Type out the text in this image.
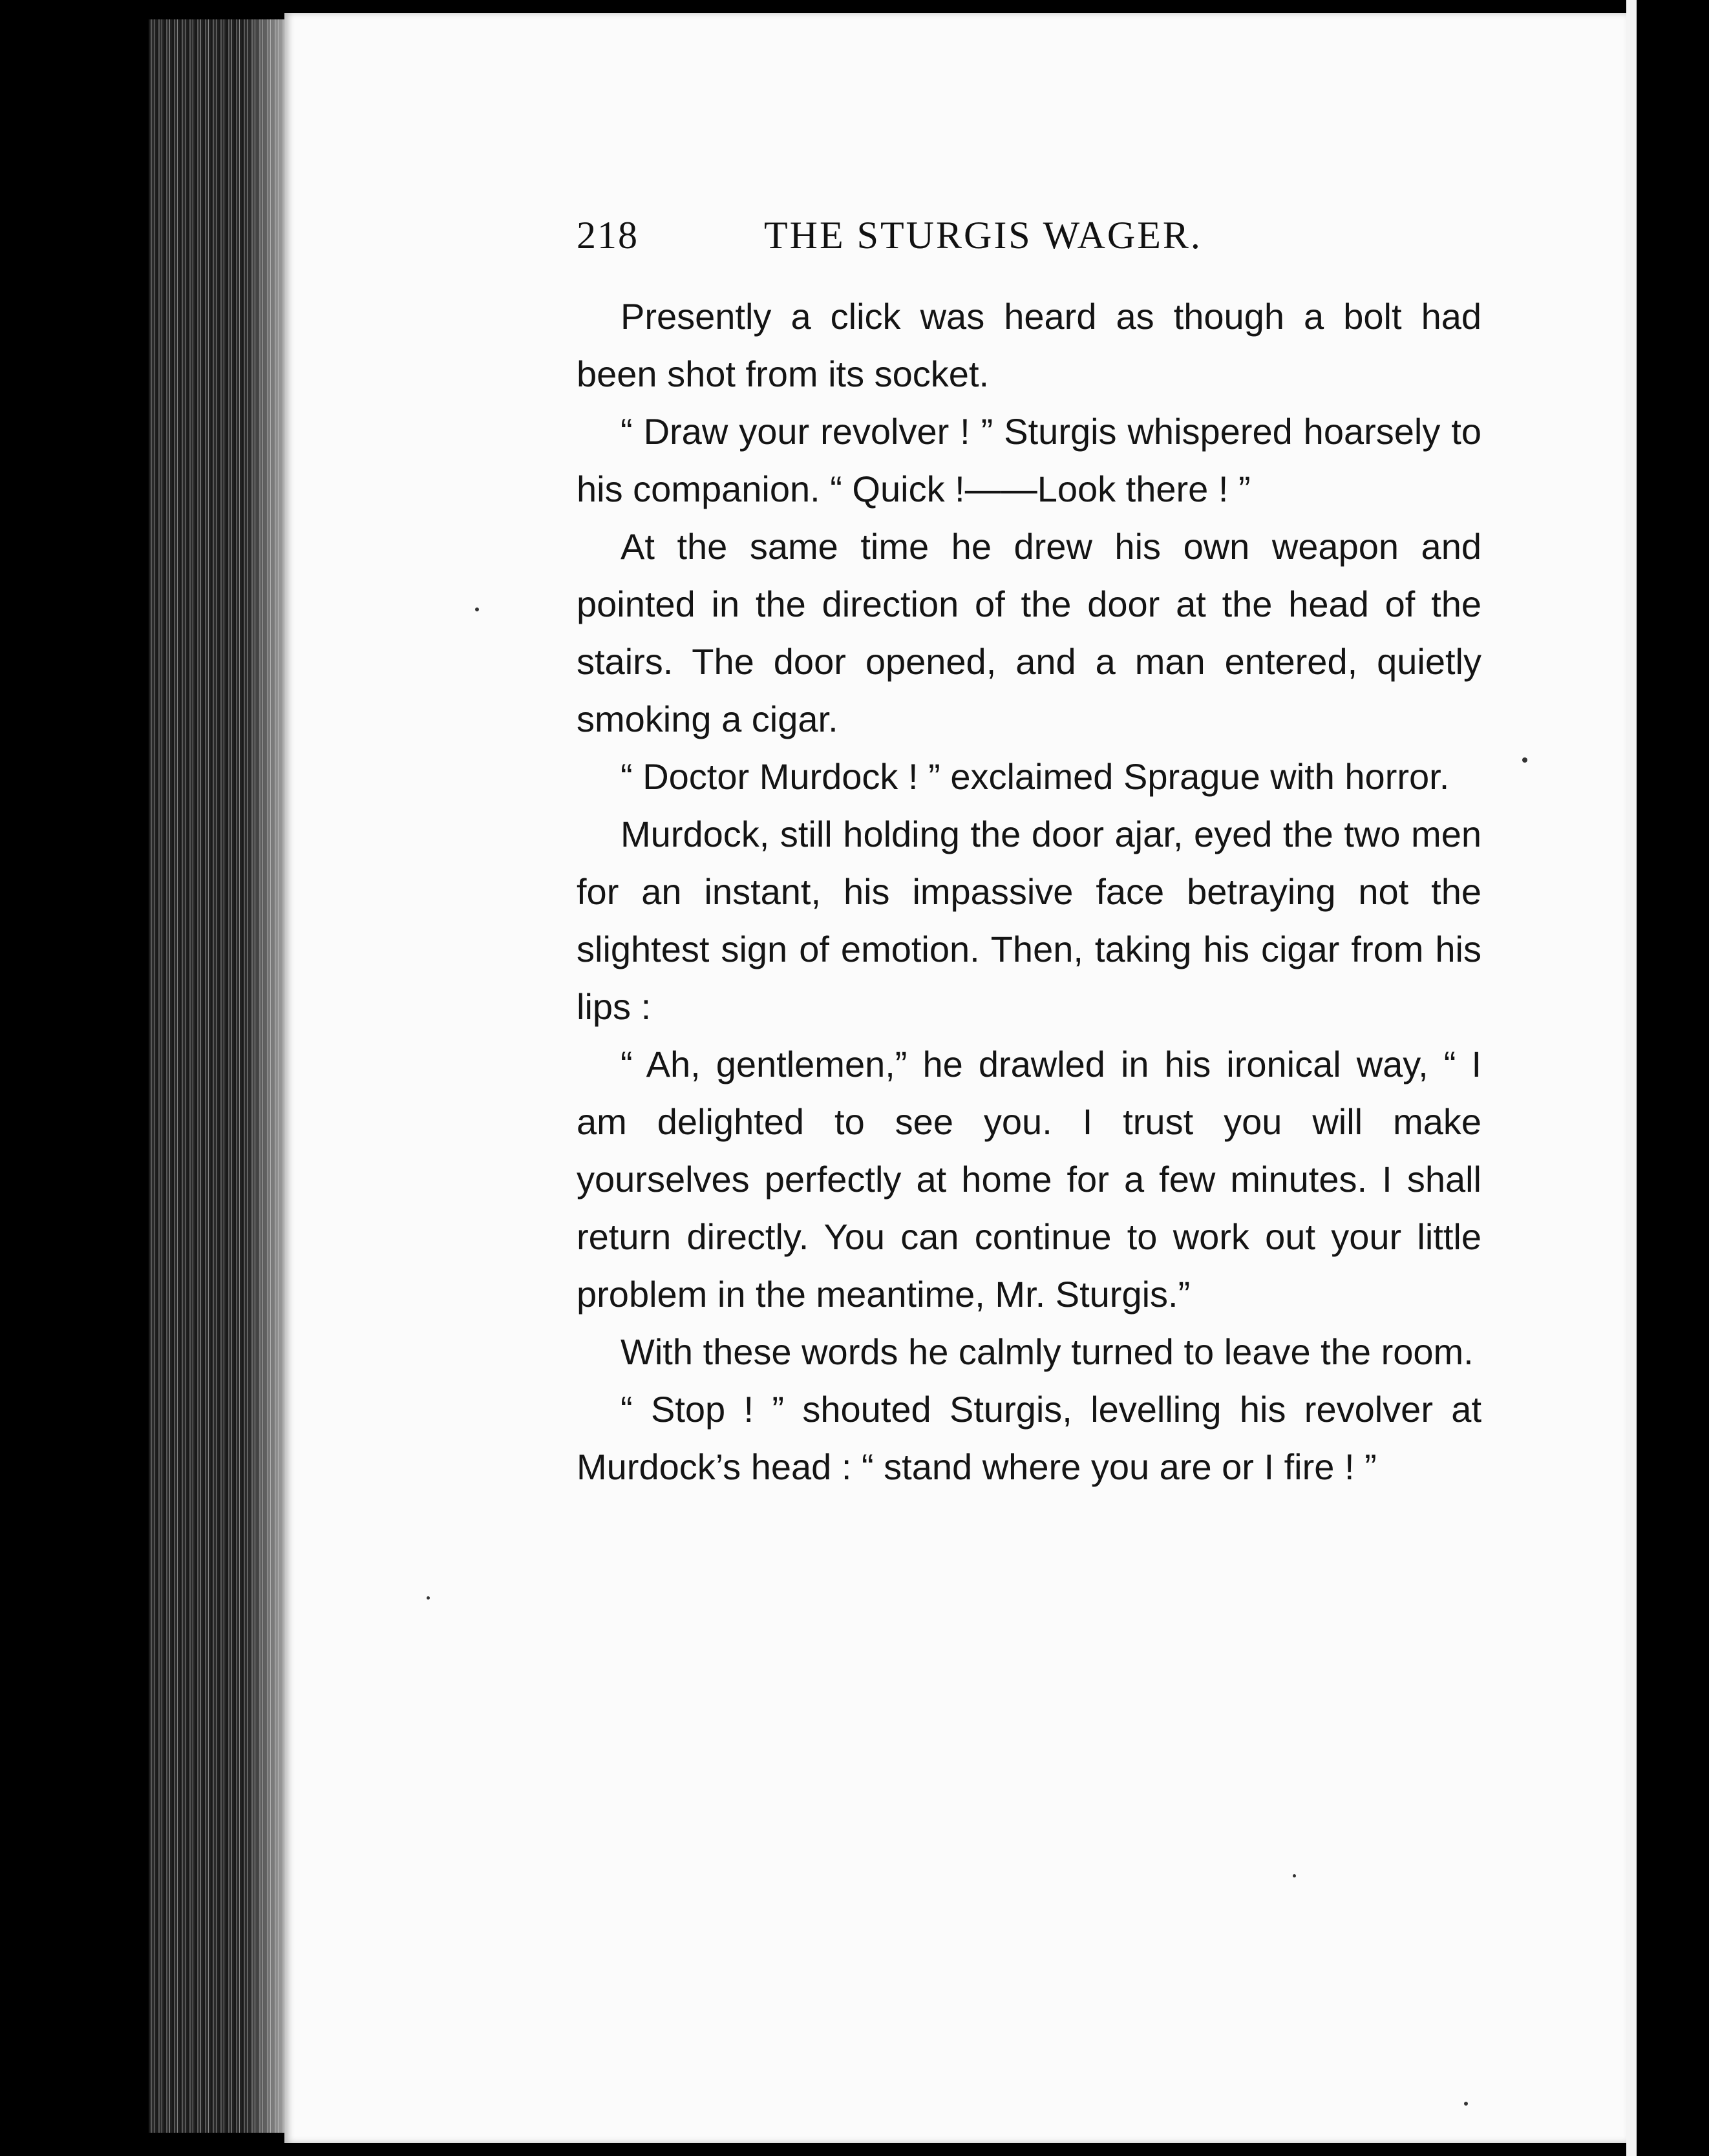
218	THE STURGIS WAGER.

Presently a click was heard as though a bolt had been shot from its socket.

“ Draw your revolver ! ” Sturgis whispered hoarsely to his companion. “ Quick !——Look there ! ”

At the same time he drew his own weapon and pointed in the direction of the door at the head of the stairs. The door opened, and a man entered, quietly smoking a cigar.

“ Doctor Murdock ! ” exclaimed Sprague with horror.

Murdock, still holding the door ajar, eyed the two men for an instant, his impassive face betraying not the slightest sign of emotion. Then, taking his cigar from his lips :

“ Ah, gentlemen,” he drawled in his ironical way, “ I am delighted to see you. I trust you will make yourselves perfectly at home for a few minutes. I shall return directly. You can continue to work out your little problem in the meantime, Mr. Sturgis.”

With these words he calmly turned to leave the room.

“ Stop ! ” shouted Sturgis, levelling his revolver at Murdock’s head : “ stand where you are or I fire ! ”
